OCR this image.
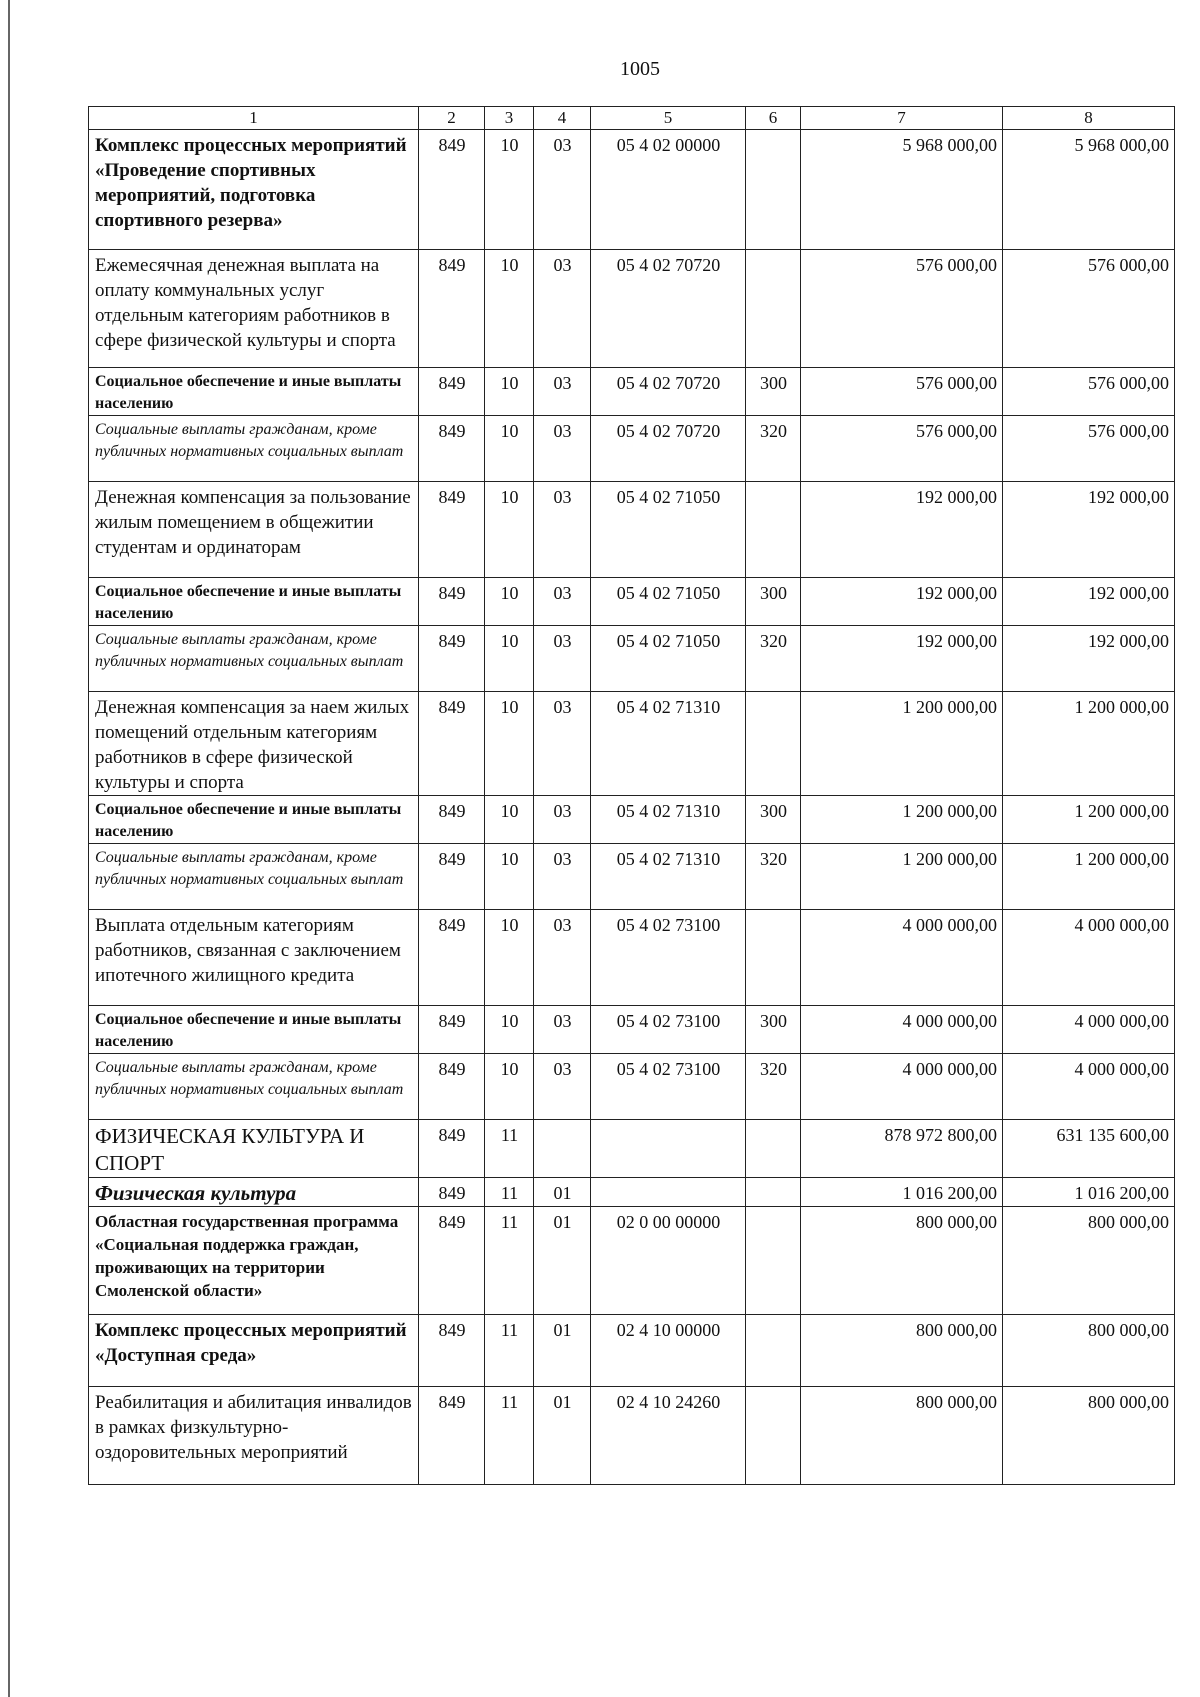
1005
1	2	3	4	5	6	7	8
Комплекс процессных мероприятий «Проведение спортивных мероприятий, подготовка спортивного резерва»	849	10	03	05 4 02 00000		5 968 000,00	5 968 000,00
Ежемесячная денежная выплата на оплату коммунальных услуг отдельным категориям работников в сфере физической культуры и спорта	849	10	03	05 4 02 70720		576 000,00	576 000,00
Социальное обеспечение и иные выплаты населению	849	10	03	05 4 02 70720	300	576 000,00	576 000,00
Социальные выплаты гражданам, кроме публичных нормативных социальных выплат	849	10	03	05 4 02 70720	320	576 000,00	576 000,00
Денежная компенсация за пользование жилым помещением в общежитии студентам и ординаторам	849	10	03	05 4 02 71050		192 000,00	192 000,00
Социальное обеспечение и иные выплаты населению	849	10	03	05 4 02 71050	300	192 000,00	192 000,00
Социальные выплаты гражданам, кроме публичных нормативных социальных выплат	849	10	03	05 4 02 71050	320	192 000,00	192 000,00
Денежная компенсация за наем жилых помещений отдельным категориям работников в сфере физической культуры и спорта	849	10	03	05 4 02 71310		1 200 000,00	1 200 000,00
Социальное обеспечение и иные выплаты населению	849	10	03	05 4 02 71310	300	1 200 000,00	1 200 000,00
Социальные выплаты гражданам, кроме публичных нормативных социальных выплат	849	10	03	05 4 02 71310	320	1 200 000,00	1 200 000,00
Выплата отдельным категориям работников, связанная с заключением ипотечного жилищного кредита	849	10	03	05 4 02 73100		4 000 000,00	4 000 000,00
Социальное обеспечение и иные выплаты населению	849	10	03	05 4 02 73100	300	4 000 000,00	4 000 000,00
Социальные выплаты гражданам, кроме публичных нормативных социальных выплат	849	10	03	05 4 02 73100	320	4 000 000,00	4 000 000,00
ФИЗИЧЕСКАЯ КУЛЬТУРА И СПОРТ	849	11				878 972 800,00	631 135 600,00
Физическая культура	849	11	01			1 016 200,00	1 016 200,00
Областная государственная программа «Социальная поддержка граждан, проживающих на территории Смоленской области»	849	11	01	02 0 00 00000		800 000,00	800 000,00
Комплекс процессных мероприятий «Доступная среда»	849	11	01	02 4 10 00000		800 000,00	800 000,00
Реабилитация и абилитация инвалидов в рамках физкультурно-оздоровительных мероприятий	849	11	01	02 4 10 24260		800 000,00	800 000,00
